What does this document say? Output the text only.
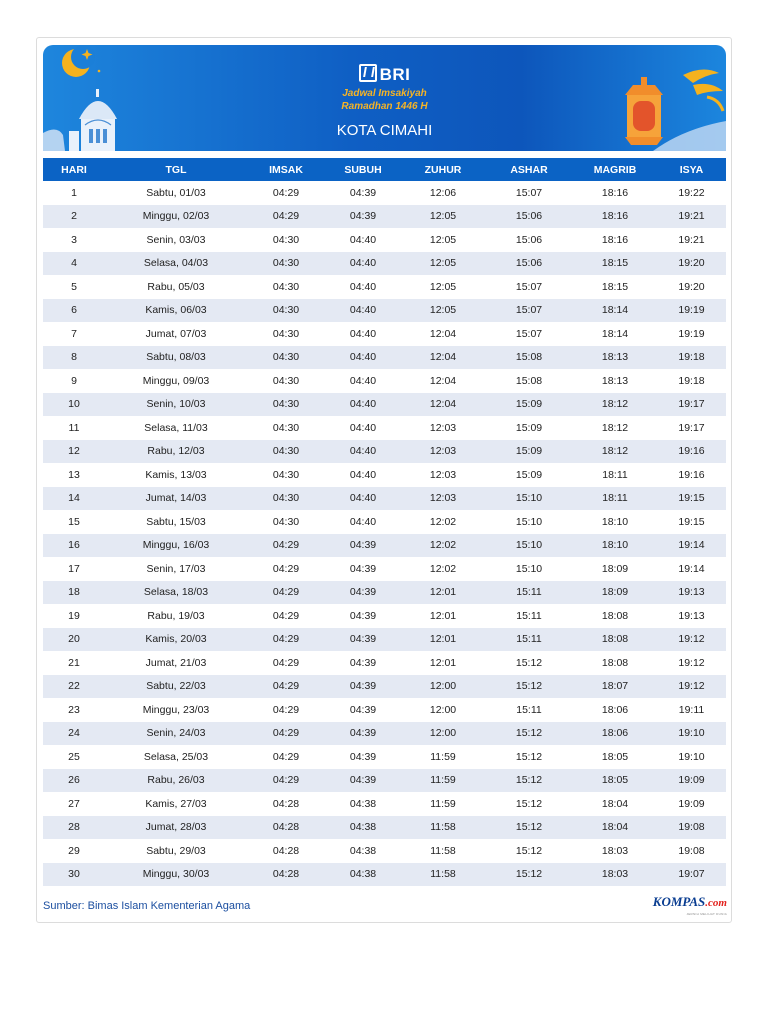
BRI
Jadwal Imsakiyah
Ramadhan 1446 H
KOTA CIMAHI
HARI	TGL	IMSAK	SUBUH	ZUHUR	ASHAR	MAGRIB	ISYA
1	Sabtu, 01/03	04:29	04:39	12:06	15:07	18:16	19:22
2	Minggu, 02/03	04:29	04:39	12:05	15:06	18:16	19:21
3	Senin, 03/03	04:30	04:40	12:05	15:06	18:16	19:21
4	Selasa, 04/03	04:30	04:40	12:05	15:06	18:15	19:20
5	Rabu, 05/03	04:30	04:40	12:05	15:07	18:15	19:20
6	Kamis, 06/03	04:30	04:40	12:05	15:07	18:14	19:19
7	Jumat, 07/03	04:30	04:40	12:04	15:07	18:14	19:19
8	Sabtu, 08/03	04:30	04:40	12:04	15:08	18:13	19:18
9	Minggu, 09/03	04:30	04:40	12:04	15:08	18:13	19:18
10	Senin, 10/03	04:30	04:40	12:04	15:09	18:12	19:17
11	Selasa, 11/03	04:30	04:40	12:03	15:09	18:12	19:17
12	Rabu, 12/03	04:30	04:40	12:03	15:09	18:12	19:16
13	Kamis, 13/03	04:30	04:40	12:03	15:09	18:11	19:16
14	Jumat, 14/03	04:30	04:40	12:03	15:10	18:11	19:15
15	Sabtu, 15/03	04:30	04:40	12:02	15:10	18:10	19:15
16	Minggu, 16/03	04:29	04:39	12:02	15:10	18:10	19:14
17	Senin, 17/03	04:29	04:39	12:02	15:10	18:09	19:14
18	Selasa, 18/03	04:29	04:39	12:01	15:11	18:09	19:13
19	Rabu, 19/03	04:29	04:39	12:01	15:11	18:08	19:13
20	Kamis, 20/03	04:29	04:39	12:01	15:11	18:08	19:12
21	Jumat, 21/03	04:29	04:39	12:01	15:12	18:08	19:12
22	Sabtu, 22/03	04:29	04:39	12:00	15:12	18:07	19:12
23	Minggu, 23/03	04:29	04:39	12:00	15:11	18:06	19:11
24	Senin, 24/03	04:29	04:39	12:00	15:12	18:06	19:10
25	Selasa, 25/03	04:29	04:39	11:59	15:12	18:05	19:10
26	Rabu, 26/03	04:29	04:39	11:59	15:12	18:05	19:09
27	Kamis, 27/03	04:28	04:38	11:59	15:12	18:04	19:09
28	Jumat, 28/03	04:28	04:38	11:58	15:12	18:04	19:08
29	Sabtu, 29/03	04:28	04:38	11:58	15:12	18:03	19:08
30	Minggu, 30/03	04:28	04:38	11:58	15:12	18:03	19:07
Sumber: Bimas Islam Kementerian Agama	KOMPAS.com
JERNIH MELIHAT DUNIA
